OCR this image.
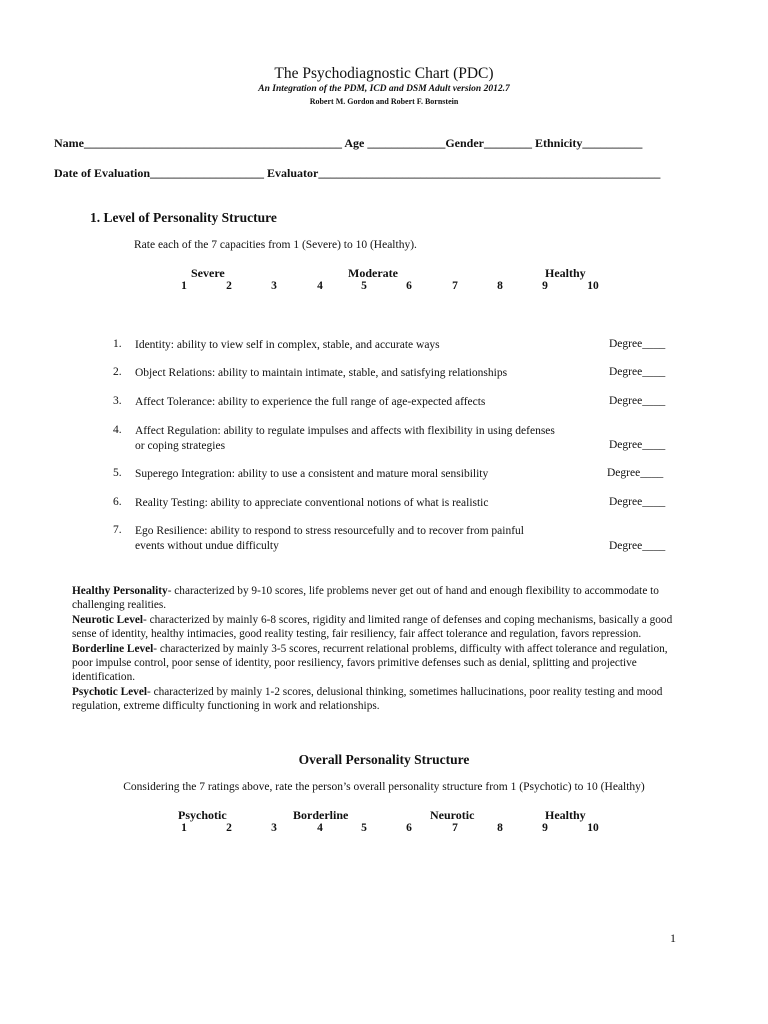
The Psychodiagnostic Chart (PDC)
An Integration of the PDM, ICD and DSM Adult version 2012.7
Robert M. Gordon and Robert F. Bornstein
Name___________________________________________ Age _____________Gender________ Ethnicity__________
Date of Evaluation___________________ Evaluator_________________________________________________________
1. Level of Personality Structure
Rate each of the 7 capacities from 1 (Severe) to 10 (Healthy).
Severe	Moderate	Healthy
1	2	3	4	5	6	7	8	9	10
1. Identity: ability to view self in complex, stable, and accurate ways	Degree____
2. Object Relations: ability to maintain intimate, stable, and satisfying relationships	Degree____
3. Affect Tolerance: ability to experience the full range of age-expected affects	Degree____
4. Affect Regulation: ability to regulate impulses and affects with flexibility in using defenses or coping strategies	Degree____
5. Superego Integration: ability to use a consistent and mature moral sensibility	Degree____
6. Reality Testing: ability to appreciate conventional notions of what is realistic	Degree____
7. Ego Resilience: ability to respond to stress resourcefully and to recover from painful events without undue difficulty	Degree____
Healthy Personality- characterized by 9-10 scores, life problems never get out of hand and enough flexibility to accommodate to challenging realities.
Neurotic Level- characterized by mainly 6-8 scores, rigidity and limited range of defenses and coping mechanisms, basically a good sense of identity, healthy intimacies, good reality testing, fair resiliency, fair affect tolerance and regulation, favors repression.
Borderline Level- characterized by mainly 3-5 scores, recurrent relational problems, difficulty with affect tolerance and regulation, poor impulse control, poor sense of identity, poor resiliency, favors primitive defenses such as denial, splitting and projective identification.
Psychotic Level- characterized by mainly 1-2 scores, delusional thinking, sometimes hallucinations, poor reality testing and mood regulation, extreme difficulty functioning in work and relationships.
Overall Personality Structure
Considering the 7 ratings above, rate the person’s overall personality structure from 1 (Psychotic) to 10 (Healthy)
Psychotic	Borderline	Neurotic	Healthy
1	2	3	4	5	6	7	8	9	10
1
